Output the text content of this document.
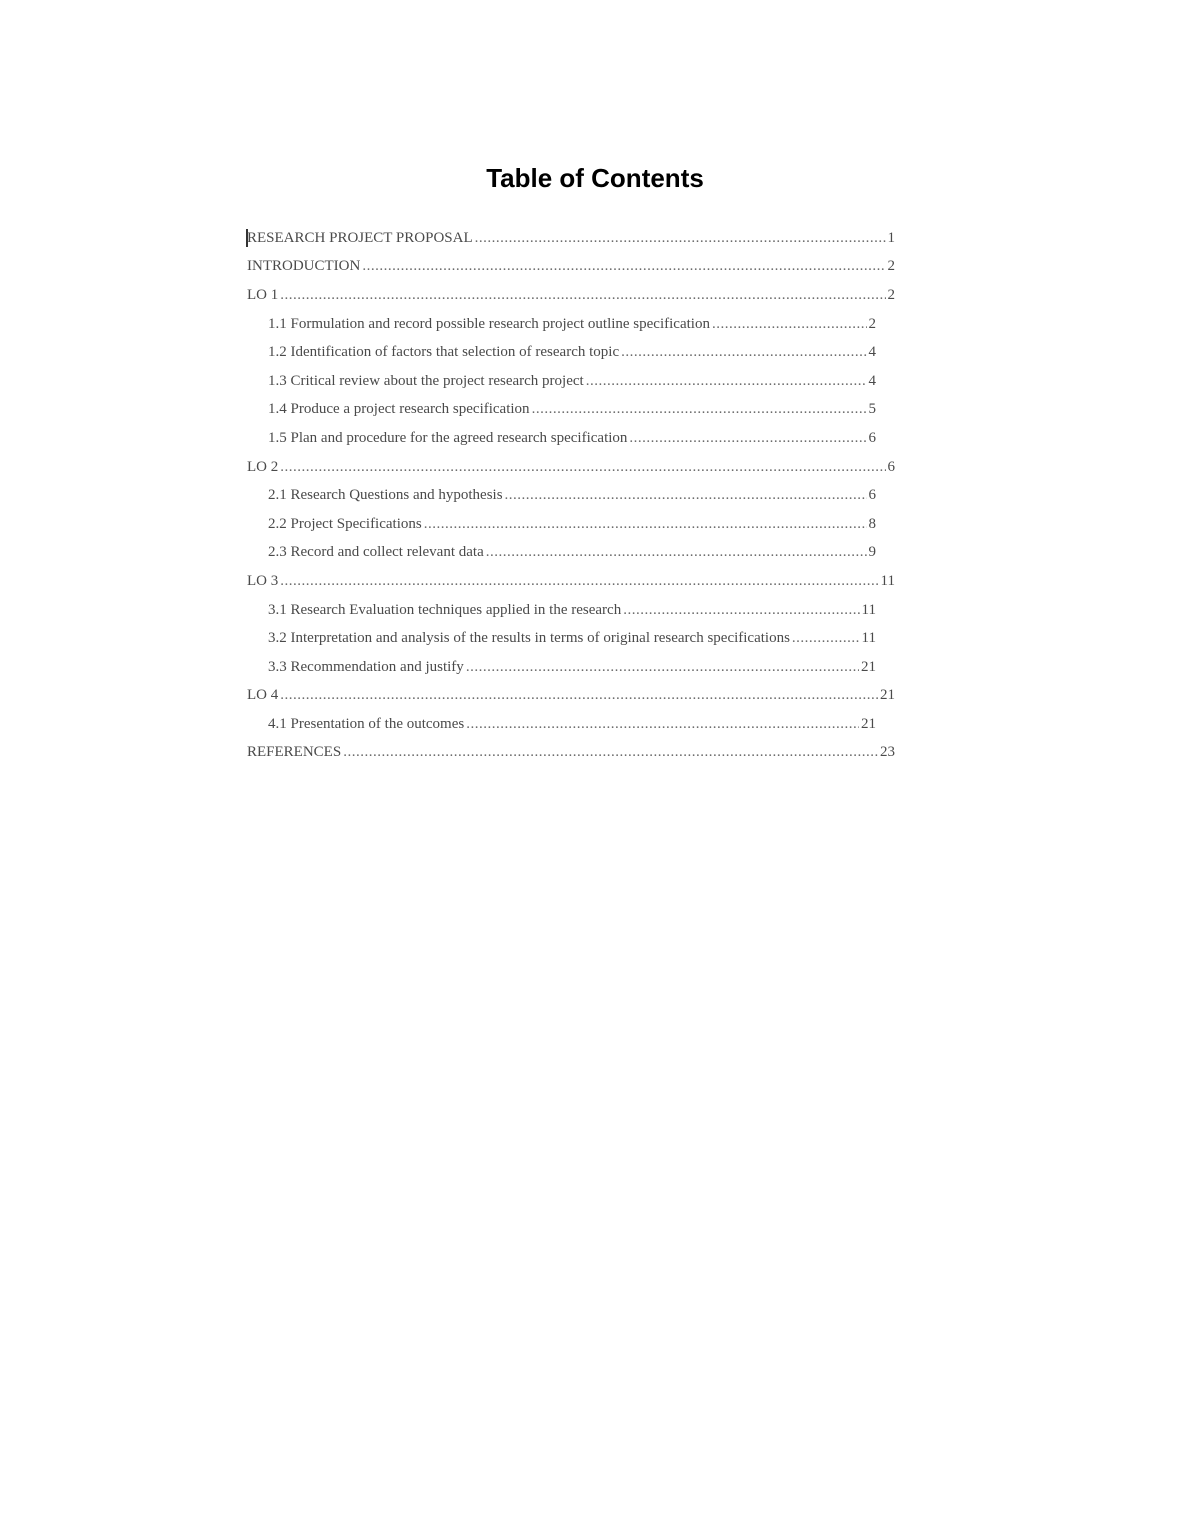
Table of Contents
RESEARCH PROJECT PROPOSAL .....	1
INTRODUCTION .....	2
LO 1 .....	2
1.1 Formulation and record possible research project outline specification .....	2
1.2 Identification of factors that selection of research topic .....	4
1.3 Critical review about the project research project .....	4
1.4 Produce a project research specification .....	5
1.5 Plan and procedure for the agreed research specification .....	6
LO 2 .....	6
2.1 Research Questions and hypothesis .....	6
2.2 Project Specifications .....	8
2.3 Record and collect relevant data .....	9
LO 3 .....	11
3.1 Research Evaluation techniques applied in the research .....	11
3.2 Interpretation and analysis of the results in terms of original research specifications .....	11
3.3 Recommendation and justify .....	21
LO 4 .....	21
4.1 Presentation of the outcomes .....	21
REFERENCES .....	23
